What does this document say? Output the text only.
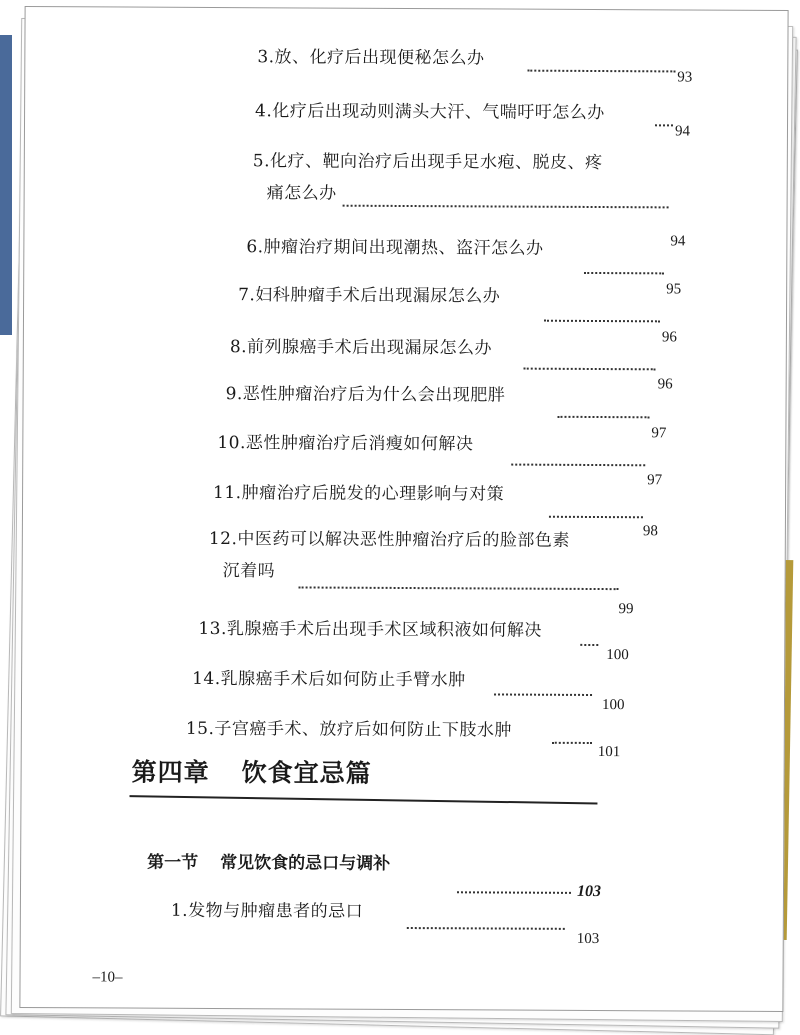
3.放、化疗后出现便秘怎么办
93
4.化疗后出现动则满头大汗、气喘吁吁怎么办
94
5.化疗、靶向治疗后出现手足水疱、脱皮、疼
痛怎么办
94
6.肿瘤治疗期间出现潮热、盗汗怎么办
95
7.妇科肿瘤手术后出现漏尿怎么办
96
8.前列腺癌手术后出现漏尿怎么办
96
9.恶性肿瘤治疗后为什么会出现肥胖
97
10.恶性肿瘤治疗后消瘦如何解决
97
11.肿瘤治疗后脱发的心理影响与对策
98
12.中医药可以解决恶性肿瘤治疗后的脸部色素
沉着吗
99
13.乳腺癌手术后出现手术区域积液如何解决
100
14.乳腺癌手术后如何防止手臂水肿
100
15.子宫癌手术、放疗后如何防止下肢水肿
101
第四章 饮食宜忌篇
第一节 常见饮食的忌口与调补
103
1.发物与肿瘤患者的忌口
103
–10–
